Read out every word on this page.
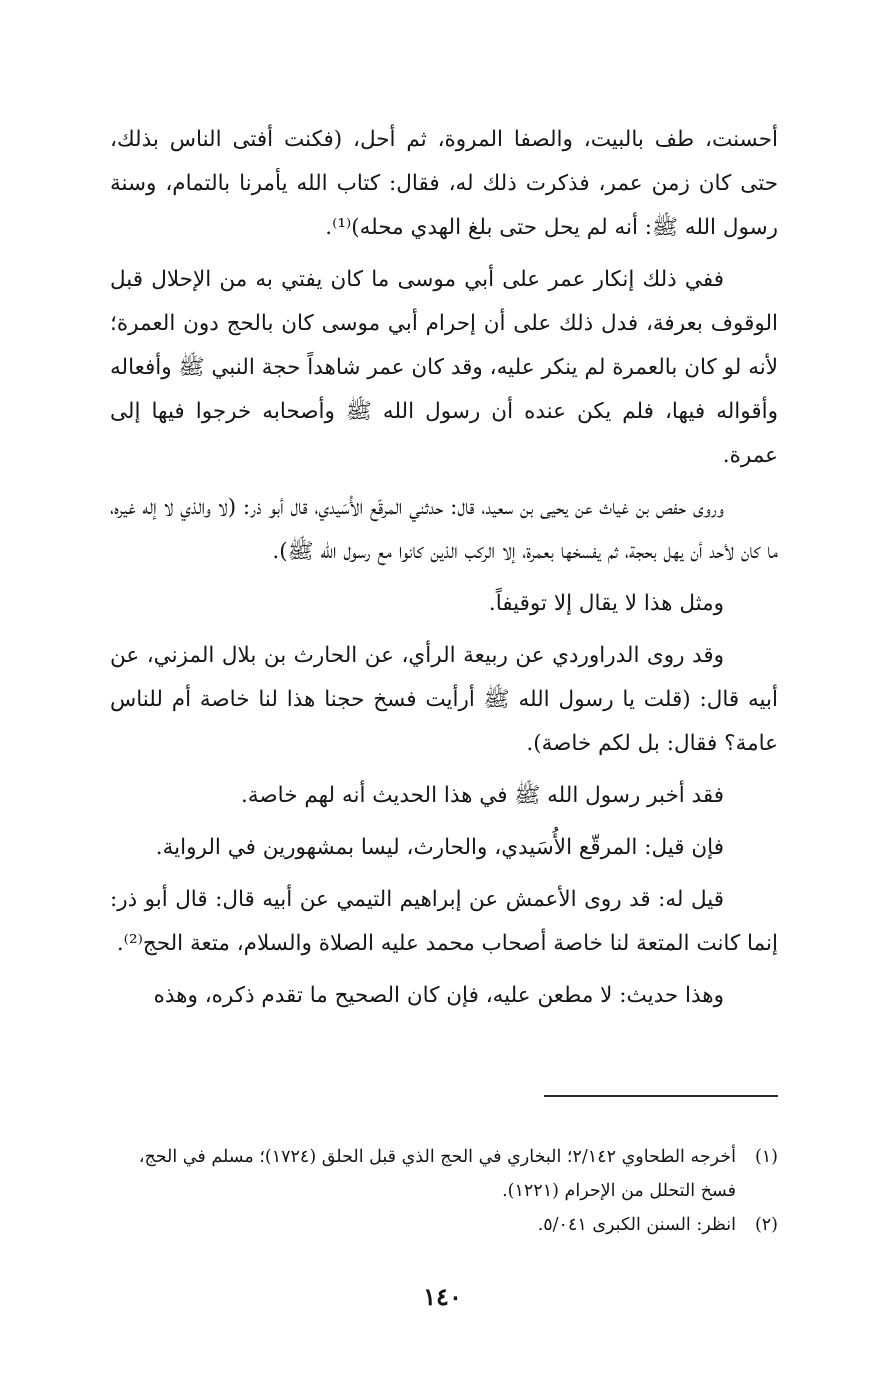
أحسنت، طف بالبيت، والصفا المروة، ثم أحل، (فكنت أفتى الناس بذلك، حتى كان زمن عمر، فذكرت ذلك له، فقال: كتاب الله يأمرنا بالتمام، وسنة رسول الله ﷺ: أنه لم يحل حتى بلغ الهدي محله)⁽¹⁾.

ففي ذلك إنكار عمر على أبي موسى ما كان يفتي به من الإحلال قبل الوقوف بعرفة، فدل ذلك على أن إحرام أبي موسى كان بالحج دون العمرة؛ لأنه لو كان بالعمرة لم ينكر عليه، وقد كان عمر شاهداً حجة النبي ﷺ وأفعاله وأقواله فيها، فلم يكن عنده أن رسول الله ﷺ وأصحابه خرجوا فيها إلى عمرة.

وروى حفص بن غياث عن يحيى بن سعيد، قال: حدثني المرقّع الأُسَيدي، قال أبو ذر: (لا والذي لا إله غيره، ما كان لأحد أن يهل بحجة، ثم يفسخها بعمرة، إلا الركب الذين كانوا مع رسول الله ﷺ).

ومثل هذا لا يقال إلا توقيفاً.

وقد روى الدراوردي عن ربيعة الرأي، عن الحارث بن بلال المزني، عن أبيه قال: (قلت يا رسول الله ﷺ أرأيت فسخ حجنا هذا لنا خاصة أم للناس عامة؟ فقال: بل لكم خاصة).

فقد أخبر رسول الله ﷺ في هذا الحديث أنه لهم خاصة.

فإن قيل: المرقّع الأُسَيدي، والحارث، ليسا بمشهورين في الرواية.

قيل له: قد روى الأعمش عن إبراهيم التيمي عن أبيه قال: قال أبو ذر: إنما كانت المتعة لنا خاصة أصحاب محمد عليه الصلاة والسلام، متعة الحج⁽²⁾.

وهذا حديث: لا مطعن عليه، فإن كان الصحيح ما تقدم ذكره، وهذه

(١)
أخرجه الطحاوي ٢/١٤٢؛ البخاري في الحج الذي قبل الحلق (١٧٢٤)؛ مسلم في الحج، فسخ التحلل من الإحرام (١٢٢١).

(٢)
انظر: السنن الكبرى ٥/٠٤١.

١٤٠
